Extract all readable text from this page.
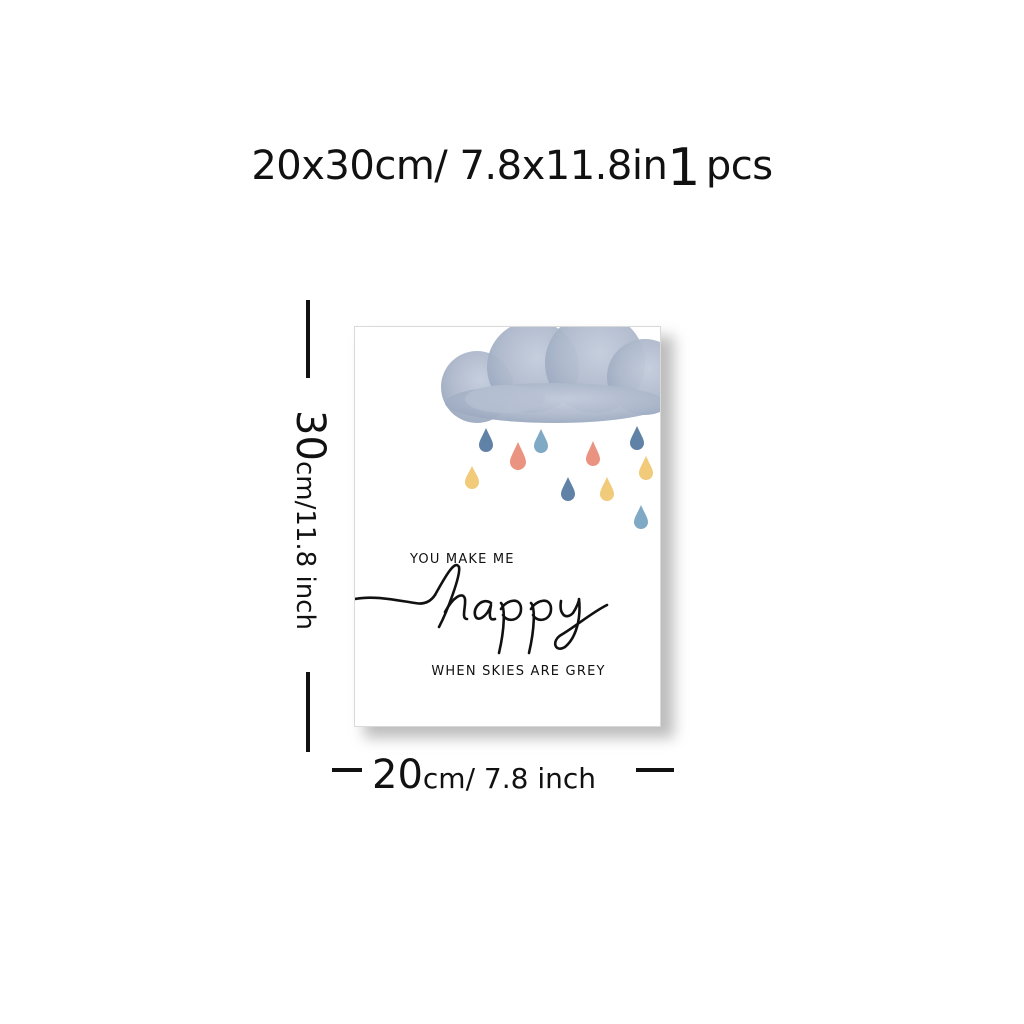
20x30cm/ 7.8x11.8in1 pcs
YOU MAKE ME
WHEN SKIES ARE GREY
30cm/11.8 inch
20cm/ 7.8 inch
